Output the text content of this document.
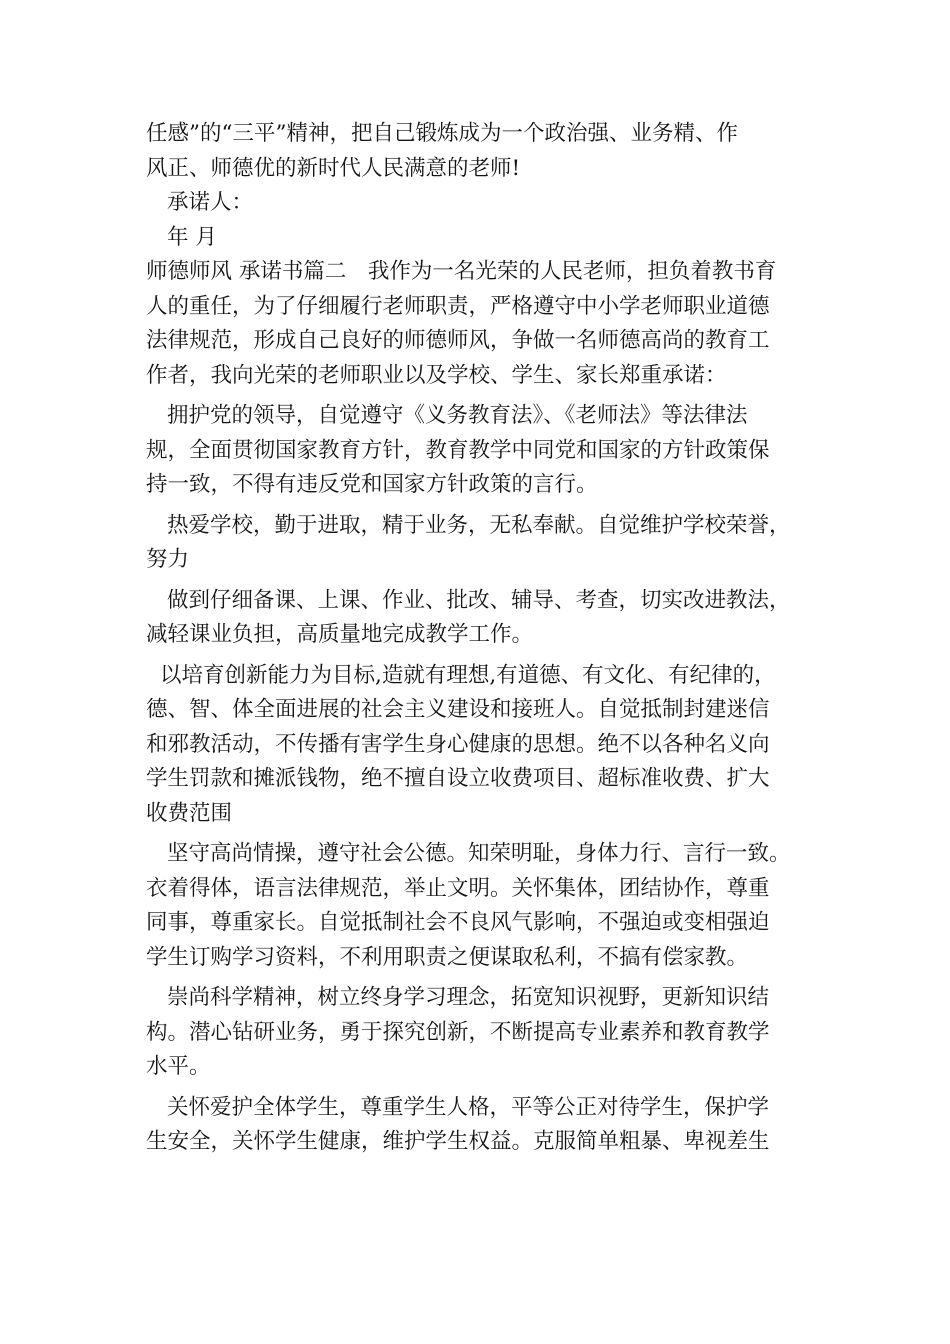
任感”的“三平”精神，把自己锻炼成为一个政治强、业务精、作
风正、师德优的新时代人民满意的老师!
承诺人：
年 月
师德师风 承诺书篇二　我作为一名光荣的人民老师，担负着教书育
人的重任，为了仔细履行老师职责，严格遵守中小学老师职业道德
法律规范，形成自己良好的师德师风，争做一名师德高尚的教育工
作者，我向光荣的老师职业以及学校、学生、家长郑重承诺：
拥护党的领导，自觉遵守《义务教育法》、《老师法》等法律法
规，全面贯彻国家教育方针，教育教学中同党和国家的方针政策保
持一致，不得有违反党和国家方针政策的言行。
热爱学校，勤于进取，精于业务，无私奉献。自觉维护学校荣誉，
努力
做到仔细备课、上课、作业、批改、辅导、考查，切实改进教法，
减轻课业负担，高质量地完成教学工作。
以培育创新能力为目标,造就有理想,有道德、有文化、有纪律的，
德、智、体全面进展的社会主义建设和接班人。自觉抵制封建迷信
和邪教活动，不传播有害学生身心健康的思想。绝不以各种名义向
学生罚款和摊派钱物，绝不擅自设立收费项目、超标准收费、扩大
收费范围
坚守高尚情操，遵守社会公德。知荣明耻，身体力行、言行一致。
衣着得体，语言法律规范，举止文明。关怀集体，团结协作，尊重
同事，尊重家长。自觉抵制社会不良风气影响，不强迫或变相强迫
学生订购学习资料，不利用职责之便谋取私利，不搞有偿家教。
崇尚科学精神，树立终身学习理念，拓宽知识视野，更新知识结
构。潜心钻研业务，勇于探究创新，不断提高专业素养和教育教学
水平。
关怀爱护全体学生，尊重学生人格，平等公正对待学生，保护学
生安全，关怀学生健康，维护学生权益。克服简单粗暴、卑视差生
